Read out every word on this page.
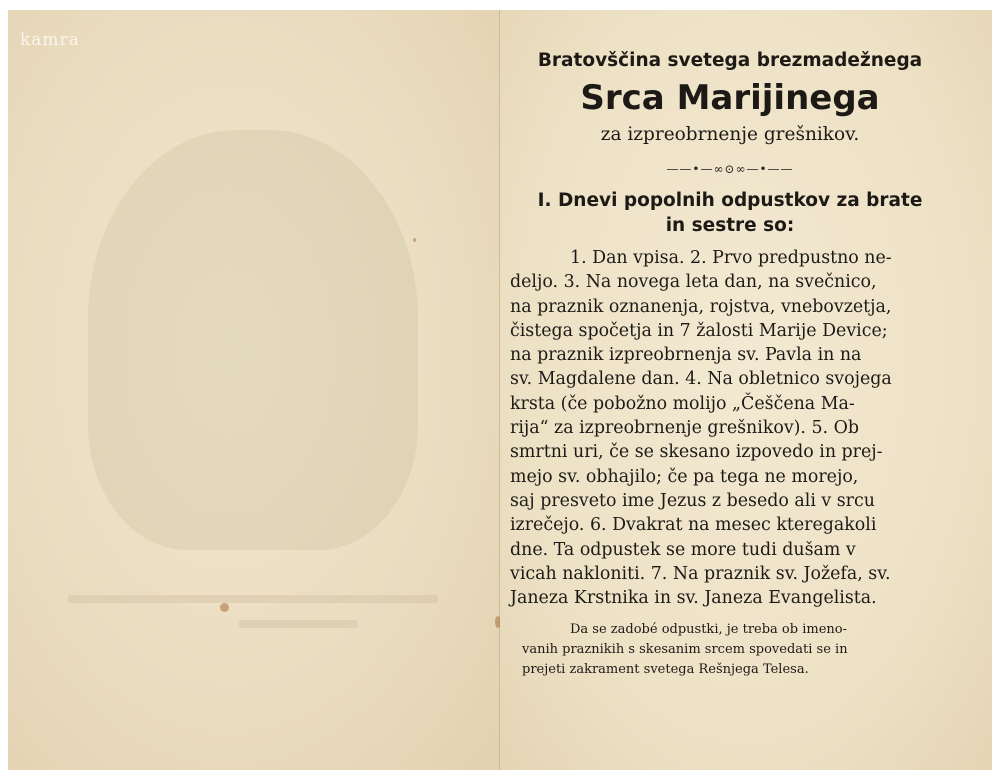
kamra
Bratovščina svetega brezmadežnega
Srca Marijinega
za izpreobrnenje grešnikov.
——•—∞⊙∞—•——
I. Dnevi popolnih odpustkov za brate
in sestre so:
1. Dan vpisa. 2. Prvo predpustno ne-
deljo. 3. Na novega leta dan, na svečnico,
na praznik oznanenja, rojstva, vnebovzetja,
čistega spočetja in 7 žalosti Marije Device;
na praznik izpreobrnenja sv. Pavla in na
sv. Magdalene dan. 4. Na obletnico svojega
krsta (če pobožno molijo „Češčena Ma-
rija“ za izpreobrnenje grešnikov). 5. Ob
smrtni uri, če se skesano izpovedo in prej-
mejo sv. obhajilo; če pa tega ne morejo,
saj presveto ime Jezus z besedo ali v srcu
izrečejo. 6. Dvakrat na mesec kteregakoli
dne. Ta odpustek se more tudi dušam v
vicah nakloniti. 7. Na praznik sv. Jožefa, sv.
Janeza Krstnika in sv. Janeza Evangelista.
Da se zadobé odpustki, je treba ob imeno-
vanih praznikih s skesanim srcem spovedati se in
prejeti zakrament svetega Rešnjega Telesa.
